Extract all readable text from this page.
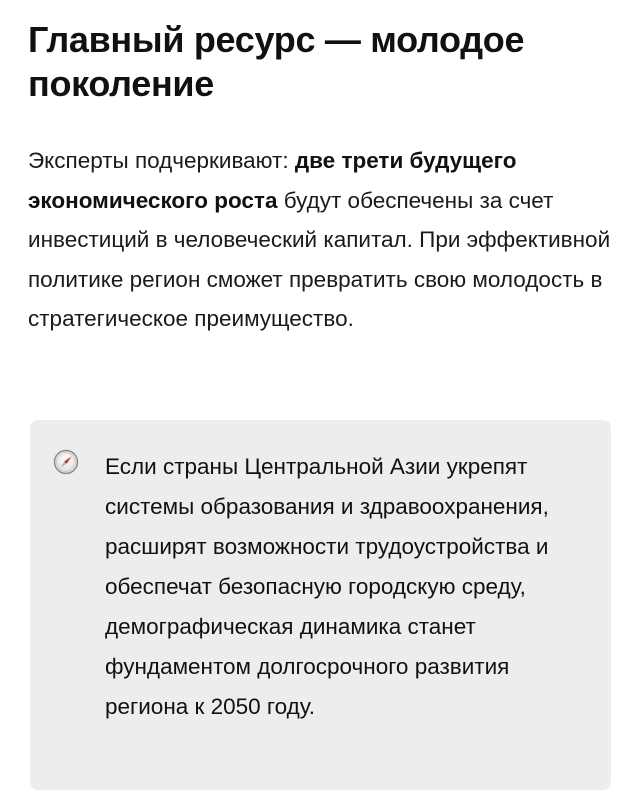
Главный ресурс — молодое поколение

Эксперты подчеркивают: две трети будущего экономического роста будут обеспечены за счет инвестиций в человеческий капитал. При эффективной политике регион сможет превратить свою молодость в стратегическое преимущество.

Если страны Центральной Азии укрепят системы образования и здравоохранения, расширят возможности трудоустройства и обеспечат безопасную городскую среду, демографическая динамика станет фундаментом долгосрочного развития региона к 2050 году.
